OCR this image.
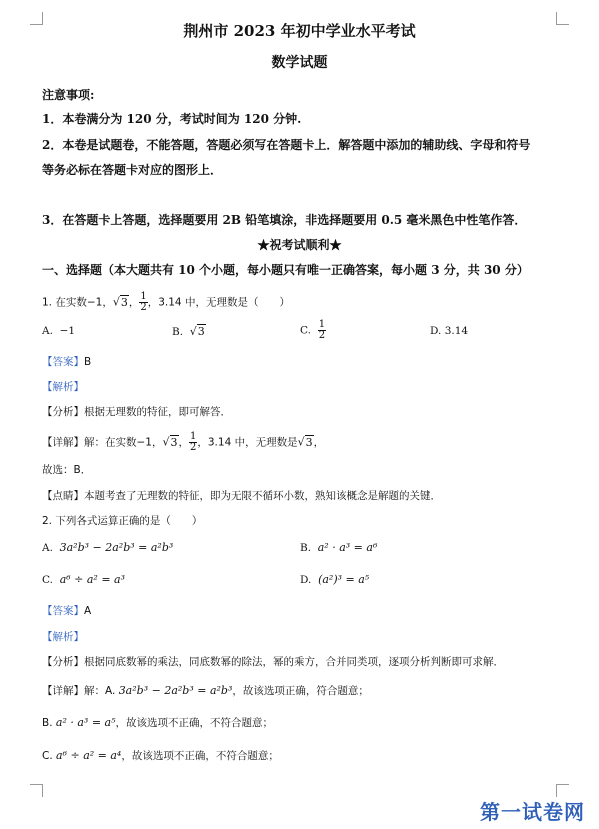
荆州市 2023 年初中学业水平考试
数学试题
注意事项:
1．本卷满分为 120 分，考试时间为 120 分钟.
2．本卷是试题卷，不能答题，答题必须写在答题卡上．解答题中添加的辅助线、字母和符号
等务必标在答题卡对应的图形上．
3．在答题卡上答题，选择题要用 2B 铅笔填涂，非选择题要用 0.5 毫米黑色中性笔作答．
★祝考试顺利★
一、选择题（本大题共有 10 个小题，每小题只有唯一正确答案，每小题 3 分，共 30 分）
1. 在实数−1，√3， $\frac{1}{2}$ ，3.14 中，无理数是（　　）
A. −1	B. √3	C. $\frac{1}{2}$	D. 3.14
【答案】B
【解析】
【分析】根据无理数的特征，即可解答．
【详解】解：在实数−1，√3， $\frac{1}{2}$ ，3.14 中，无理数是√3，
故选：B．
【点睛】本题考查了无理数的特征，即为无限不循环小数，熟知该概念是解题的关键．
2. 下列各式运算正确的是（　　）
A. 3a²b³ − 2a²b³ = a²b³	B. a² · a³ = a⁶
C. a⁶ ÷ a² = a³	D. (a²)³ = a⁵
【答案】A
【解析】
【分析】根据同底数幂的乘法，同底数幂的除法，幂的乘方，合并同类项，逐项分析判断即可求解．
【详解】解：A. 3a²b³ − 2a²b³ = a²b³，故该选项正确，符合题意；
B. a² · a³ = a⁵，故该选项不正确，不符合题意；
C. a⁶ ÷ a² = a⁴，故该选项不正确，不符合题意；
第一试卷网
